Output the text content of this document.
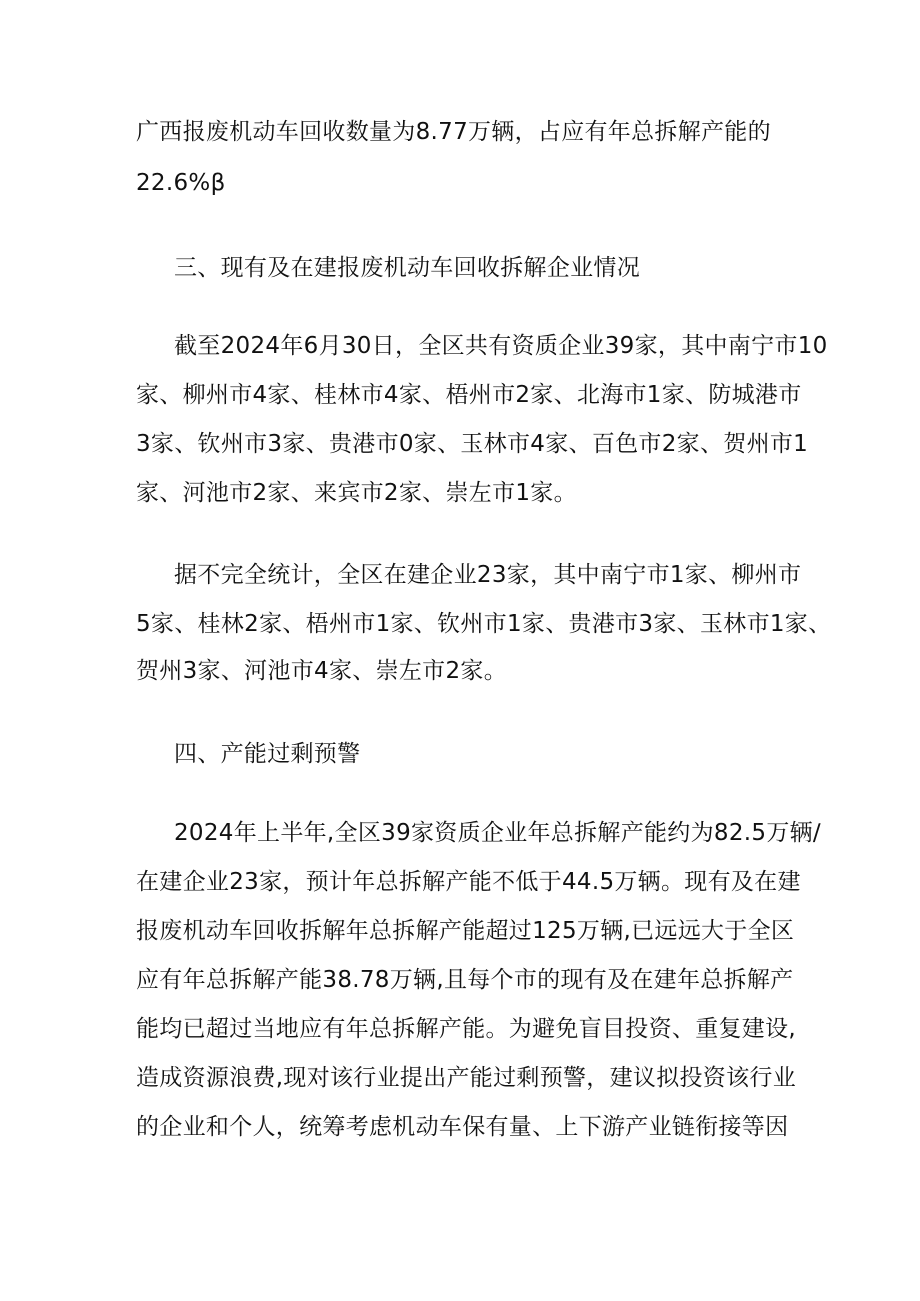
广西报废机动车回收数量为8.77万辆，占应有年总拆解产能的
22.6%β
三、现有及在建报废机动车回收拆解企业情况
截至2024年6月30日，全区共有资质企业39家，其中南宁市10
家、柳州市4家、桂林市4家、梧州市2家、北海市1家、防城港市
3家、钦州市3家、贵港市0家、玉林市4家、百色市2家、贺州市1
家、河池市2家、来宾市2家、崇左市1家。
据不完全统计，全区在建企业23家，其中南宁市1家、柳州市
5家、桂林2家、梧州市1家、钦州市1家、贵港市3家、玉林市1家、
贺州3家、河池市4家、崇左市2家。
四、产能过剩预警
2024年上半年,全区39家资质企业年总拆解产能约为82.5万辆∕
在建企业23家，预计年总拆解产能不低于44.5万辆。现有及在建
报废机动车回收拆解年总拆解产能超过125万辆,已远远大于全区
应有年总拆解产能38.78万辆,且每个市的现有及在建年总拆解产
能均已超过当地应有年总拆解产能。为避免盲目投资、重复建设,
造成资源浪费,现对该行业提出产能过剩预警，建议拟投资该行业
的企业和个人，统筹考虑机动车保有量、上下游产业链衔接等因
